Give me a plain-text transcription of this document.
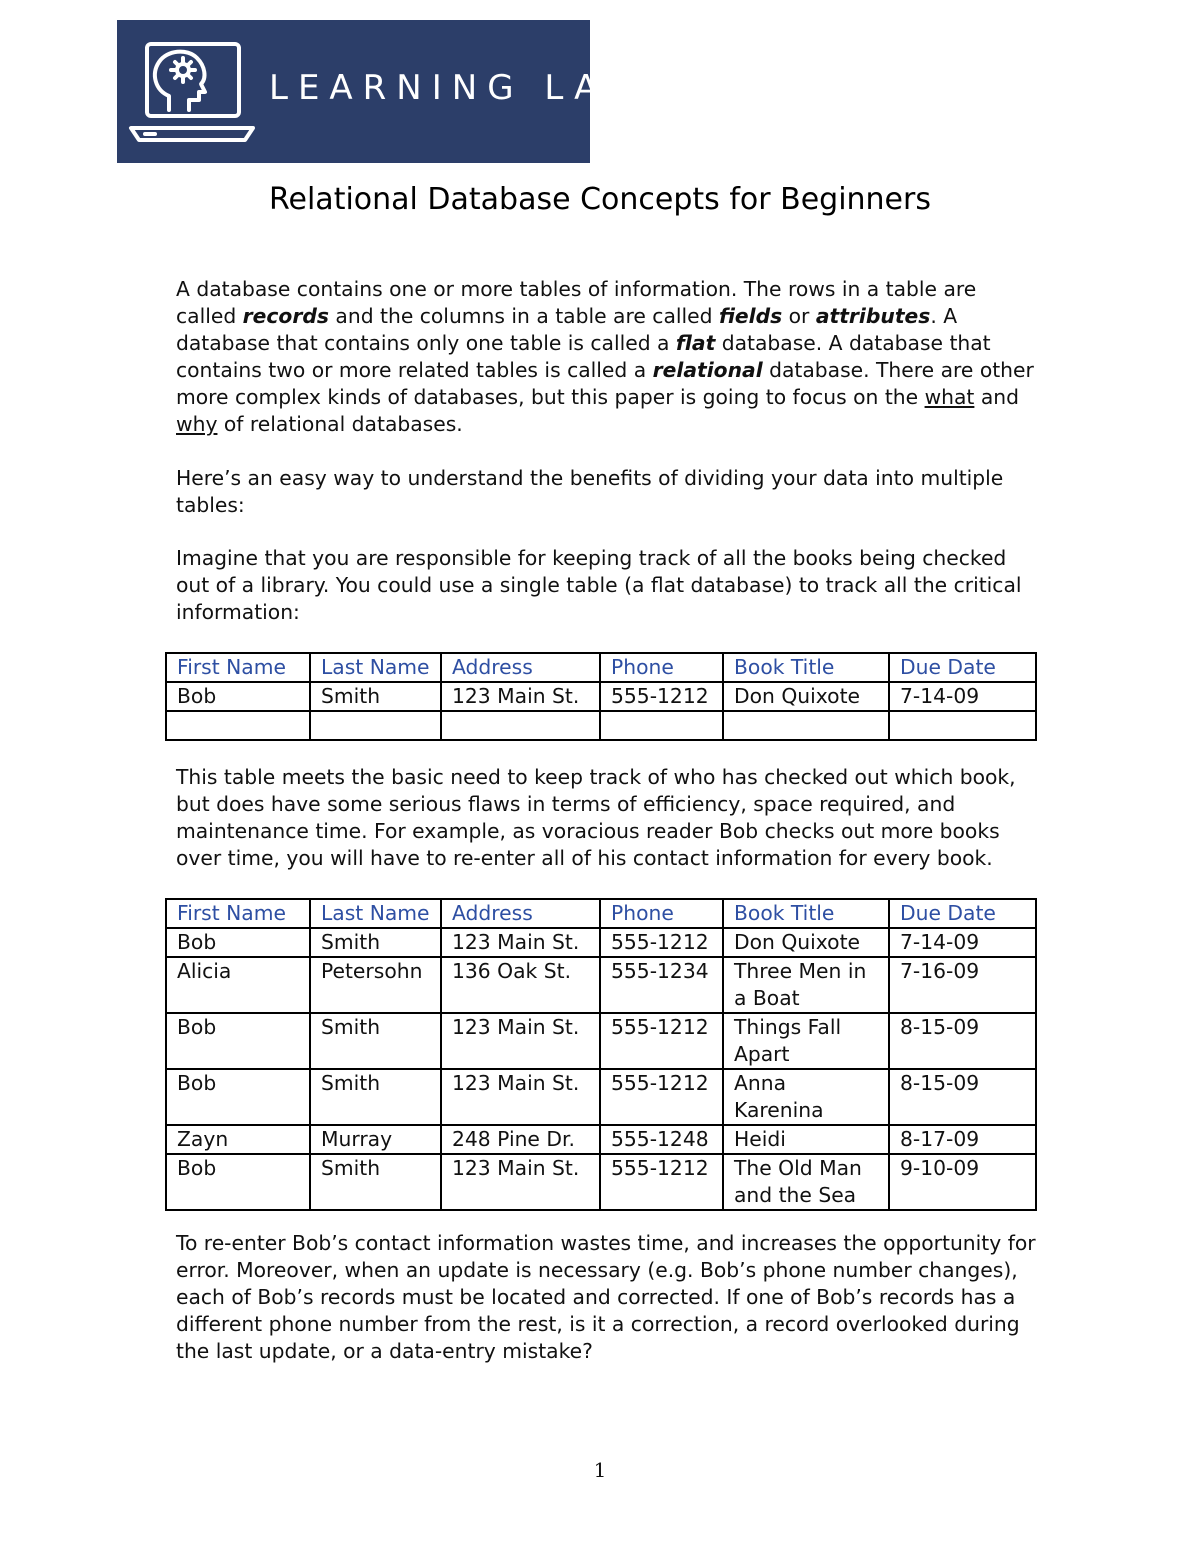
LEARNING LAB
Relational Database Concepts for Beginners

A database contains one or more tables of information. The rows in a table are called records and the columns in a table are called fields or attributes. A database that contains only one table is called a flat database. A database that contains two or more related tables is called a relational database. There are other more complex kinds of databases, but this paper is going to focus on the what and why of relational databases.

Here’s an easy way to understand the benefits of dividing your data into multiple tables:

Imagine that you are responsible for keeping track of all the books being checked out of a library. You could use a single table (a flat database) to track all the critical information:

First Name	Last Name	Address	Phone	Book Title	Due Date
Bob	Smith	123 Main St.	555-1212	Don Quixote	7-14-09

This table meets the basic need to keep track of who has checked out which book, but does have some serious flaws in terms of efficiency, space required, and maintenance time. For example, as voracious reader Bob checks out more books over time, you will have to re-enter all of his contact information for every book.

First Name	Last Name	Address	Phone	Book Title	Due Date
Bob	Smith	123 Main St.	555-1212	Don Quixote	7-14-09
Alicia	Petersohn	136 Oak St.	555-1234	Three Men in a Boat	7-16-09
Bob	Smith	123 Main St.	555-1212	Things Fall Apart	8-15-09
Bob	Smith	123 Main St.	555-1212	Anna Karenina	8-15-09
Zayn	Murray	248 Pine Dr.	555-1248	Heidi	8-17-09
Bob	Smith	123 Main St.	555-1212	The Old Man and the Sea	9-10-09

To re-enter Bob’s contact information wastes time, and increases the opportunity for error. Moreover, when an update is necessary (e.g. Bob’s phone number changes), each of Bob’s records must be located and corrected. If one of Bob’s records has a different phone number from the rest, is it a correction, a record overlooked during the last update, or a data-entry mistake?

1
